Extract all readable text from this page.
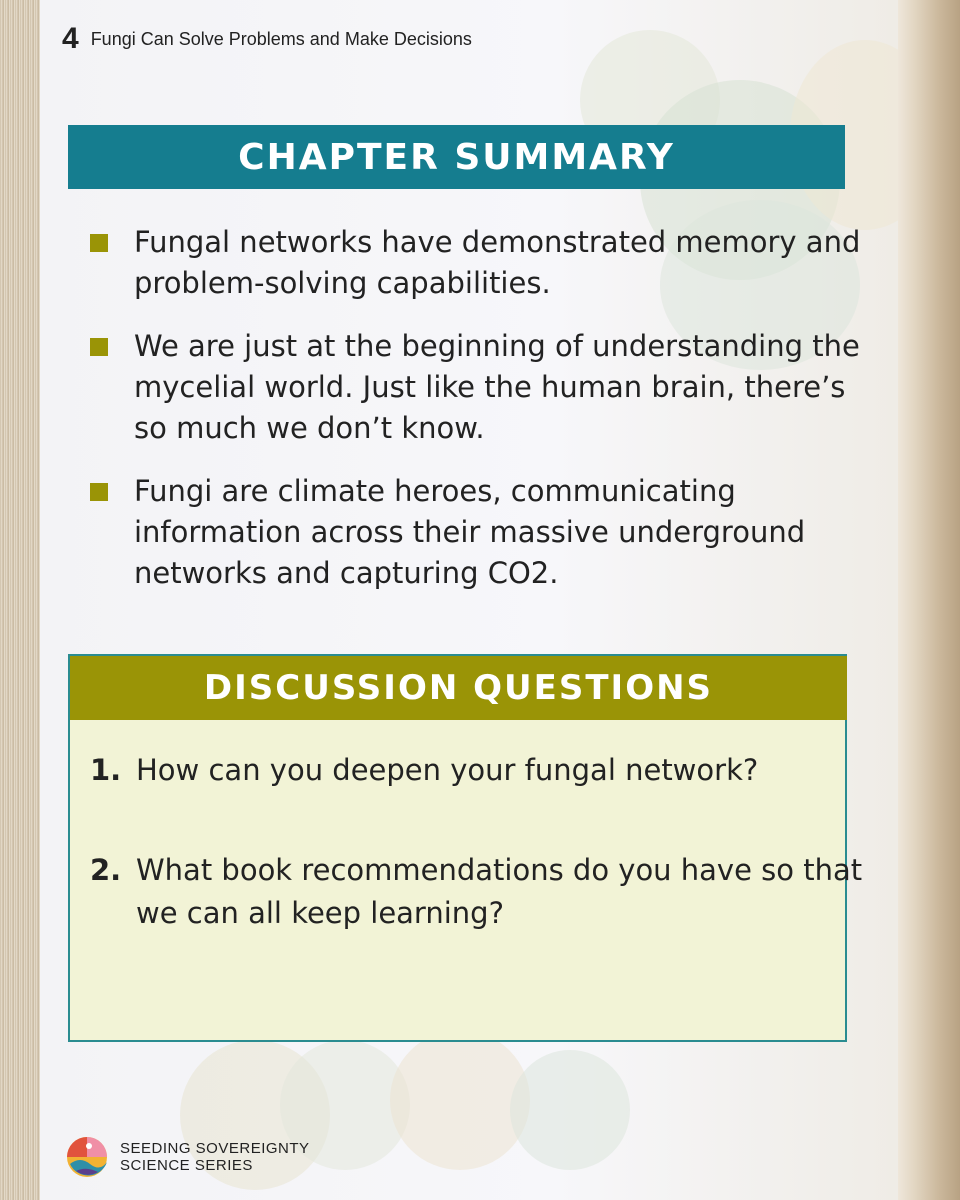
4 Fungi Can Solve Problems and Make Decisions
CHAPTER SUMMARY
Fungal networks have demonstrated memory and problem-solving capabilities.
We are just at the beginning of understanding the mycelial world. Just like the human brain, there’s so much we don’t know.
Fungi are climate heroes, communicating information across their massive underground networks and capturing CO2.
DISCUSSION QUESTIONS
1. How can you deepen your fungal network?
2. What book recommendations do you have so that we can all keep learning?
SEEDING SOVEREIGNTY
SCIENCE SERIES
